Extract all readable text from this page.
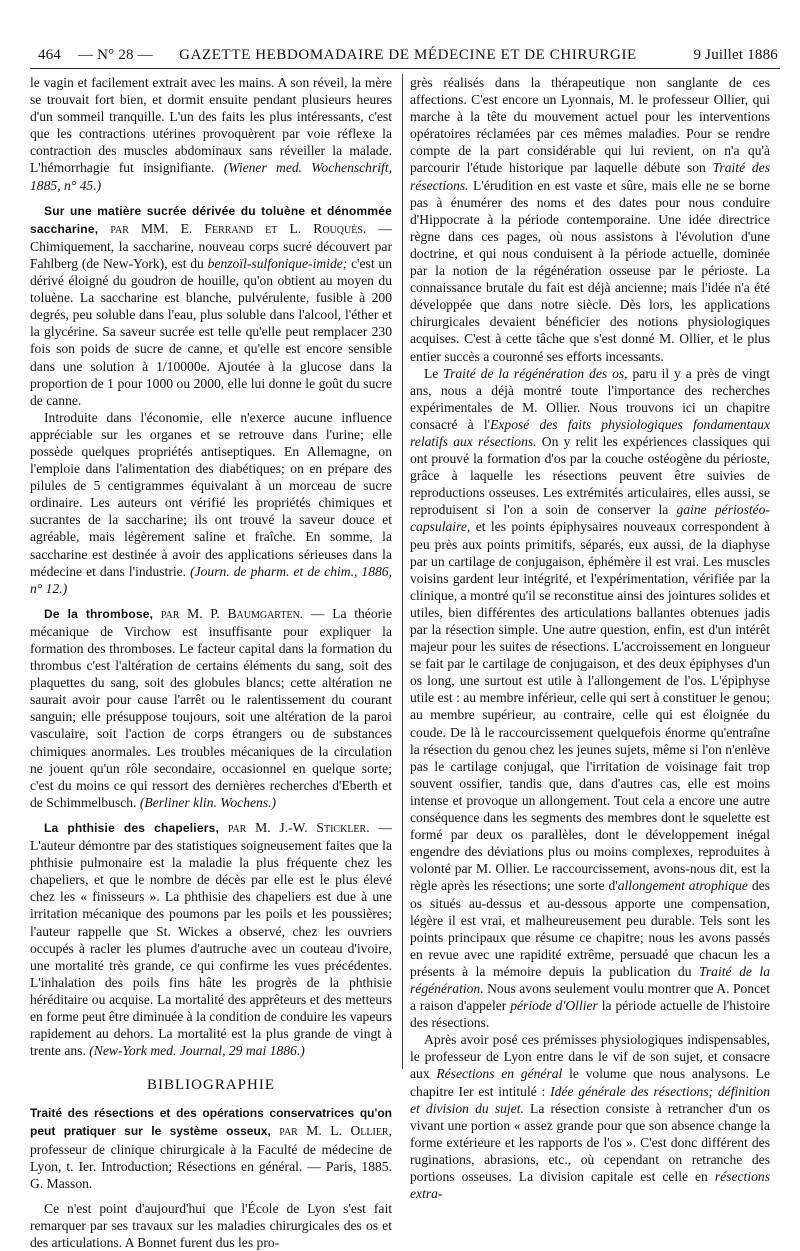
464	— N° 28 —	GAZETTE HEBDOMADAIRE DE MÉDECINE ET DE CHIRURGIE	9 Juillet 1886

le vagin et facilement extrait avec les mains. A son réveil, la mère se trouvait fort bien, et dormit ensuite pendant plusieurs heures d'un sommeil tranquille. L'un des faits les plus intéressants, c'est que les contractions utérines provoquèrent par voie réflexe la contraction des muscles abdominaux sans réveiller la malade. L'hémorrhagie fut insignifiante. (Wiener med. Wochenschrift, 1885, n° 45.)

Sur une matière sucrée dérivée du toluène et dénommée saccharine, par MM. E. Ferrand et L. Rouquès. — Chimiquement, la saccharine, nouveau corps sucré découvert par Fahlberg (de New-York), est du benzoïl-sulfonique-imide; c'est un dérivé éloigné du goudron de houille, qu'on obtient au moyen du toluène. La saccharine est blanche, pulvérulente, fusible à 200 degrés, peu soluble dans l'eau, plus soluble dans l'alcool, l'éther et la glycérine. Sa saveur sucrée est telle qu'elle peut remplacer 230 fois son poids de sucre de canne, et qu'elle est encore sensible dans une solution à 1/10000e. Ajoutée à la glucose dans la proportion de 1 pour 1000 ou 2000, elle lui donne le goût du sucre de canne.

Introduite dans l'économie, elle n'exerce aucune influence appréciable sur les organes et se retrouve dans l'urine; elle possède quelques propriétés antiseptiques. En Allemagne, on l'emploie dans l'alimentation des diabétiques; on en prépare des pilules de 5 centigrammes équivalant à un morceau de sucre ordinaire. Les auteurs ont vérifié les propriétés chimiques et sucrantes de la saccharine; ils ont trouvé la saveur douce et agréable, mais légèrement saline et fraîche. En somme, la saccharine est destinée à avoir des applications sérieuses dans la médecine et dans l'industrie. (Journ. de pharm. et de chim., 1886, n° 12.)

De la thrombose, par M. P. Baumgarten. — La théorie mécanique de Virchow est insuffisante pour expliquer la formation des thromboses. Le facteur capital dans la formation du thrombus c'est l'altération de certains éléments du sang, soit des plaquettes du sang, soit des globules blancs; cette altération ne saurait avoir pour cause l'arrêt ou le ralentissement du courant sanguin; elle présuppose toujours, soit une altération de la paroi vasculaire, soit l'action de corps étrangers ou de substances chimiques anormales. Les troubles mécaniques de la circulation ne jouent qu'un rôle secondaire, occasionnel en quelque sorte; c'est du moins ce qui ressort des dernières recherches d'Eberth et de Schimmelbusch. (Berliner klin. Wochens.)

La phthisie des chapeliers, par M. J.-W. Stickler. — L'auteur démontre par des statistiques soigneusement faites que la phthisie pulmonaire est la maladie la plus fréquente chez les chapeliers, et que le nombre de décès par elle est le plus élevé chez les « finisseurs ». La phthisie des chapeliers est due à une irritation mécanique des poumons par les poils et les poussières; l'auteur rappelle que St. Wickes a observé, chez les ouvriers occupés à racler les plumes d'autruche avec un couteau d'ivoire, une mortalité très grande, ce qui confirme les vues précédentes. L'inhalation des poils fins hâte les progrès de la phthisie héréditaire ou acquise. La mortalité des apprêteurs et des metteurs en forme peut être diminuée à la condition de conduire les vapeurs rapidement au dehors. La mortalité est la plus grande de vingt à trente ans. (New-York med. Journal, 29 mai 1886.)

BIBLIOGRAPHIE

Traité des résections et des opérations conservatrices qu'on peut pratiquer sur le système osseux, par M. L. Ollier, professeur de clinique chirurgicale à la Faculté de médecine de Lyon, t. Ier. Introduction; Résections en général. — Paris, 1885. G. Masson.

Ce n'est point d'aujourd'hui que l'École de Lyon s'est fait remarquer par ses travaux sur les maladies chirurgicales des os et des articulations. A Bonnet furent dus les pro-

grès réalisés dans la thérapeutique non sanglante de ces affections. C'est encore un Lyonnais, M. le professeur Ollier, qui marche à la tête du mouvement actuel pour les interventions opératoires réclamées par ces mêmes maladies. Pour se rendre compte de la part considérable qui lui revient, on n'a qu'à parcourir l'étude historique par laquelle débute son Traité des résections. L'érudition en est vaste et sûre, mais elle ne se borne pas à énumérer des noms et des dates pour nous conduire d'Hippocrate à la période contemporaine. Une idée directrice règne dans ces pages, où nous assistons à l'évolution d'une doctrine, et qui nous conduisent à la période actuelle, dominée par la notion de la régénération osseuse par le périoste. La connaissance brutale du fait est déjà ancienne; mais l'idée n'a été développée que dans notre siècle. Dès lors, les applications chirurgicales devaient bénéficier des notions physiologiques acquises. C'est à cette tâche que s'est donné M. Ollier, et le plus entier succès a couronné ses efforts incessants.

Le Traité de la régénération des os, paru il y a près de vingt ans, nous a déjà montré toute l'importance des recherches expérimentales de M. Ollier. Nous trouvons ici un chapitre consacré à l'Exposé des faits physiologiques fondamentaux relatifs aux résections. On y relit les expériences classiques qui ont prouvé la formation d'os par la couche ostéogène du périoste, grâce à laquelle les résections peuvent être suivies de reproductions osseuses. Les extrémités articulaires, elles aussi, se reproduisent si l'on a soin de conserver la gaine périostéo-capsulaire, et les points épiphysaires nouveaux correspondent à peu près aux points primitifs, séparés, eux aussi, de la diaphyse par un cartilage de conjugaison, éphémère il est vrai. Les muscles voisins gardent leur intégrité, et l'expérimentation, vérifiée par la clinique, a montré qu'il se reconstitue ainsi des jointures solides et utiles, bien différentes des articulations ballantes obtenues jadis par la résection simple. Une autre question, enfin, est d'un intérêt majeur pour les suites de résections. L'accroissement en longueur se fait par le cartilage de conjugaison, et des deux épiphyses d'un os long, une surtout est utile à l'allongement de l'os. L'épiphyse utile est : au membre inférieur, celle qui sert à constituer le genou; au membre supérieur, au contraire, celle qui est éloignée du coude. De là le raccourcissement quelquefois énorme qu'entraîne la résection du genou chez les jeunes sujets, même si l'on n'enlève pas le cartilage conjugal, que l'irritation de voisinage fait trop souvent ossifier, tandis que, dans d'autres cas, elle est moins intense et provoque un allongement. Tout cela a encore une autre conséquence dans les segments des membres dont le squelette est formé par deux os parallèles, dont le développement inégal engendre des déviations plus ou moins complexes, reproduites à volonté par M. Ollier. Le raccourcissement, avons-nous dit, est la règle après les résections; une sorte d'allongement atrophique des os situés au-dessus et au-dessous apporte une compensation, légère il est vrai, et malheureusement peu durable. Tels sont les points principaux que résume ce chapitre; nous les avons passés en revue avec une rapidité extrême, persuadé que chacun les a présents à la mémoire depuis la publication du Traité de la régénération. Nous avons seulement voulu montrer que A. Poncet a raison d'appeler période d'Ollier la période actuelle de l'histoire des résections.

Après avoir posé ces prémisses physiologiques indispensables, le professeur de Lyon entre dans le vif de son sujet, et consacre aux Résections en général le volume que nous analysons. Le chapitre Ier est intitulé : Idée générale des résections; définition et division du sujet. La résection consiste à retrancher d'un os vivant une portion « assez grande pour que son absence change la forme extérieure et les rapports de l'os ». C'est donc différent des ruginations, abrasions, etc., où cependant on retranche des portions osseuses. La division capitale est celle en résections extra-
